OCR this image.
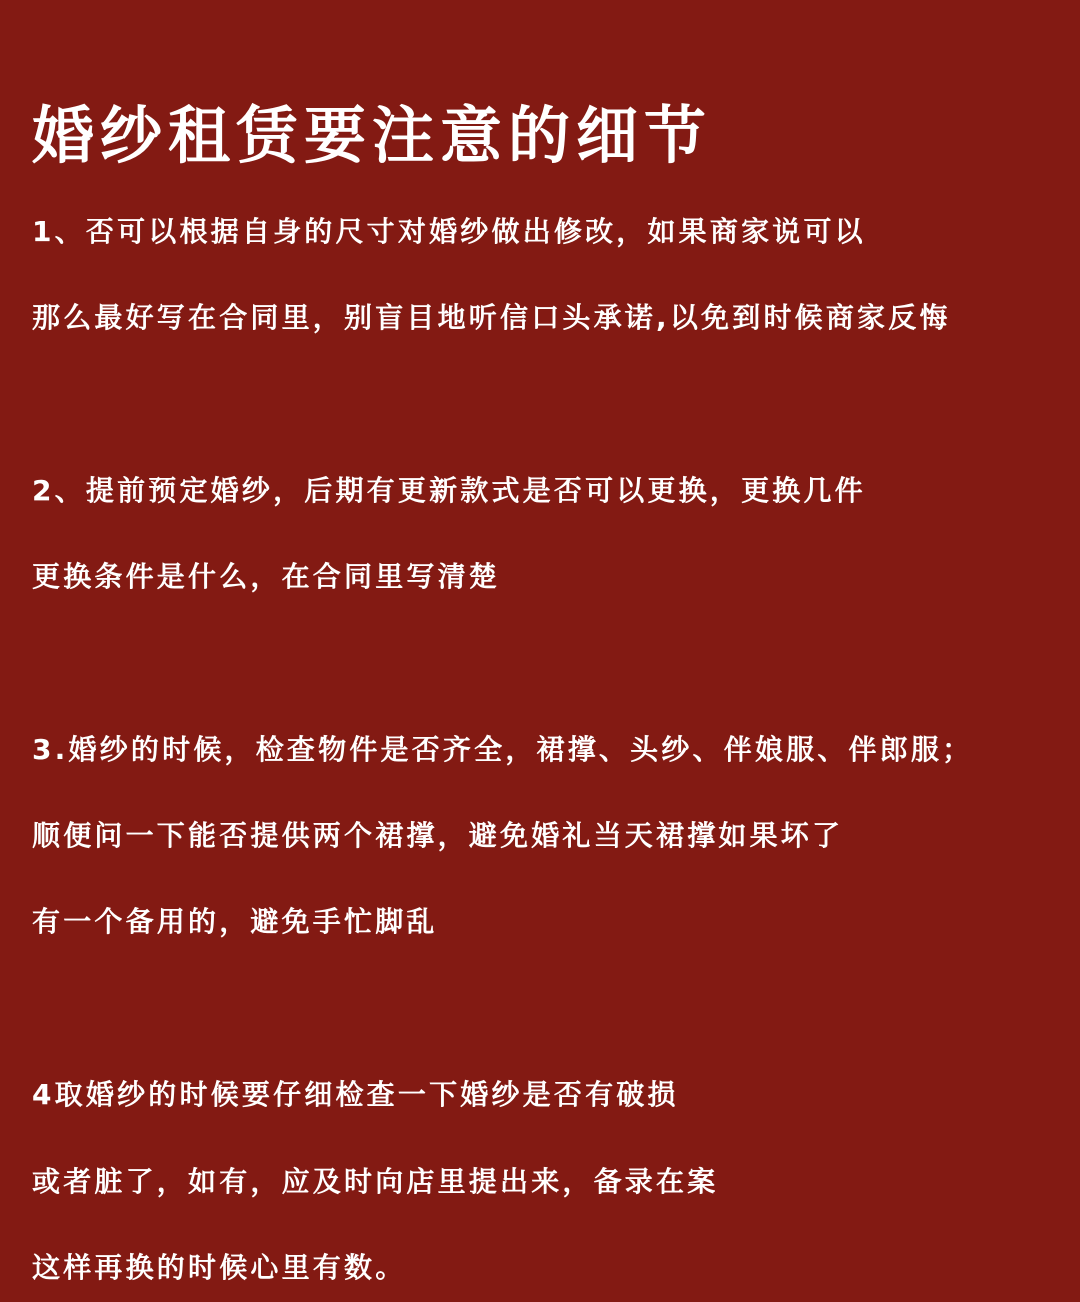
婚纱租赁要注意的细节

1、否可以根据自身的尺寸对婚纱做出修改，如果商家说可以

那么最好写在合同里，别盲目地听信口头承诺,以免到时候商家反悔

2、提前预定婚纱，后期有更新款式是否可以更换，更换几件

更换条件是什么，在合同里写清楚

3.婚纱的时候，检查物件是否齐全，裙撑、头纱、伴娘服、伴郎服；

顺便问一下能否提供两个裙撑，避免婚礼当天裙撑如果坏了

有一个备用的，避免手忙脚乱

4取婚纱的时候要仔细检查一下婚纱是否有破损

或者脏了，如有，应及时向店里提出来，备录在案

这样再换的时候心里有数。
